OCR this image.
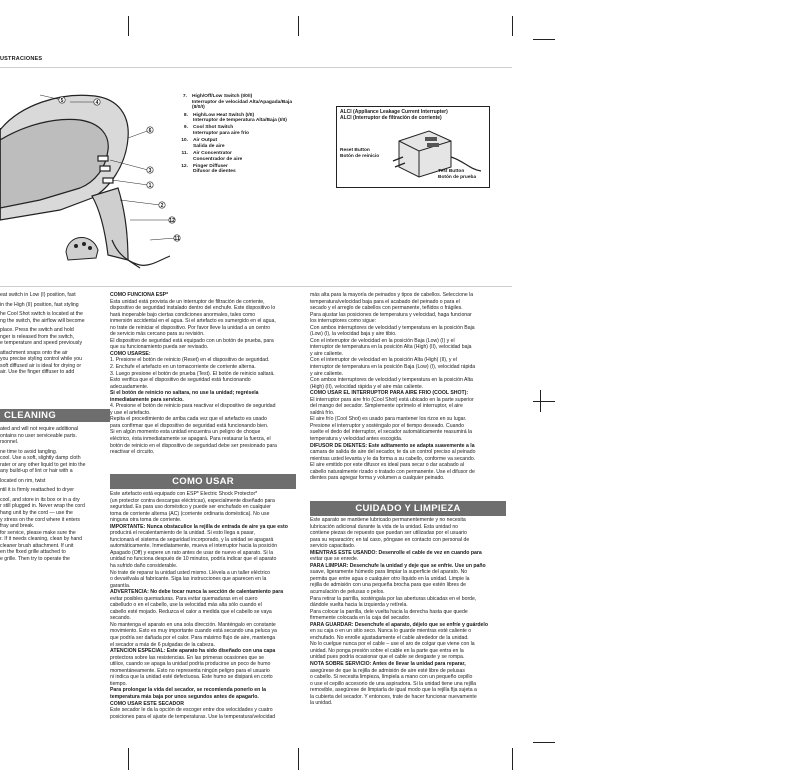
USTRACIONES
5	4
6
3
1
2
12
11
7.	High/Off/Low Switch (I/0/I)
Interruptor de velocidad Alta/Apagada/Baja (II/0/I)
8.	High/Low Heat Switch (I/II)
Interruptor de temperatura Alta/Baja (I/II)
9.	Cool Shot Switch
Interruptor para aire frío
10.	Air Output
Salida de aire
11.	Air Concentrator
Concentrador de aire
12.	Finger Diffuser
Difusor de dientes
ALCI (Appliance Leakage Current Interrupter)
ALCI (Interruptor de filtración de corriente)
Reset Button
Botón de reinicio
Test Button
Botón de prueba
eat switch in Low (I) position, fast
in the High (II) position, fast styling
he Cool Shot switch is located at the
ng the switch, the airflow will become
place. Press the switch and hold
nger is released from the switch,
e temperature and speed previously
attachment snaps onto the air
you precise styling control while you
soft diffused air is ideal for drying or
air. Use the finger diffuser to add
CLEANING
ated and will not require additional
ontains no user serviceable parts.
rsonnel.
ne time to avoid tangling.
cool. Use a soft, slightly damp cloth
rater or any other liquid to get into the
any build-up of lint or hair with a
located on rim, twist
ntil it is firmly reattached to dryer
cool, and store in its box or in a dry
r still plugged in. Never wrap the cord
hang unit by the cord — use the
y stress on the cord where it enters
fray and break.
for service, please make sure the
r. If it needs cleaning, clean by hand
cleaner brush attachment. If unit
en the fixed grille attached to
e grille. Then try to operate the
COMO FUNCIONA ESP*
Esta unidad está provista de un interruptor de filtración de corriente,
dispositivo de seguridad instalado dentro del enchufe. Este dispositivo lo
hará inoperable bajo ciertas condiciones anormales, tales como
inmersión accidental en el agua. Si el artefacto es sumergido en el agua,
no trate de reiniciar el dispositivo. Por favor lleve la unidad a un centro
de servicio más cercano para su revisión.
El dispositivo de seguridad está equipado con un botón de prueba, para
que su funcionamiento pueda ser revisado.
COMO USARSE:
1. Presione el botón de reinicio (Reset) en el dispositivo de seguridad.
2. Enchufe el artefacto en un tomacorriente de corriente alterna.
3. Luego presione el botón de prueba (Test). El botón de reinicio saltará.
Esto verifica que el dispositivo de seguridad está funcionando
adecuadamente.
Si el botón de reinicio no saltara, no use la unidad; regrésela
inmediatamente para servicio.
4. Presione el botón de reinicio para reactivar el dispositivo de seguridad
y use el artefacto.
Repita el procedimiento de arriba cada vez que el artefacto es usado
para confirmar que el dispositivo de seguridad está funcionando bien.
Si en algún momento esta unidad encuentra un peligro de choque
eléctrico, ésta inmediatamente se apagará. Para restaurar la fuerza, el
botón de reinicio en el dispositivo de seguridad debe ser presionado para
reactivar el circuito.
COMO USAR
Este artefacto está equipado con ESP* Electric Shock Protector*
(un protector contra descargas eléctricas), especialmente diseñado para
seguridad. Es para uso doméstico y puede ser enchufado en cualquier
toma de corriente alterna (AC) (corriente ordinaria doméstica). No use
ninguna otra toma de corriente.
IMPORTANTE: Nunca obstaculice la rejilla de entrada de aire ya que esto
producirá el recalentamiento de la unidad. Si esto llega a pasar,
funcionará el sistema de seguridad incorporado, y la unidad se apagará
automáticamente. Inmediatamente, mueva el interruptor hacia la posición
Apagado (Off) y espere un rato antes de usar de nuevo el aparato. Si la
unidad no funciona después de 10 minutos, podría indicar que el aparato
ha sufrido daño considerable.
No trate de reparar la unidad usted mismo. Llévela a un taller eléctrico
o devuélvala al fabricante. Siga las instrucciones que aparecen en la
garantía.
ADVERTENCIA: No debe tocar nunca la sección de calentamiento para
evitar posibles quemaduras. Para evitar quemaduras en el cuero
cabelludo o en el cabello, use la velocidad más alta sólo cuando el
cabello esté mojado. Reduzca el calor a medida que el cabello se vaya
secando.
No mantenga el aparato en una sola dirección. Manténgalo en constante
movimiento. Esto es muy importante cuando está secando una peluca ya
que podría ser dañada por el calor. Para máximo flujo de aire, mantenga
el secador a más de 6 pulgadas de la cabeza.
ATENCION ESPECIAL: Este aparato ha sido diseñado con una capa
protectora sobre las resistencias. En las primeras ocasiones que se
utilice, cuando se apaga la unidad podría producirse un poco de humo
momentáneamente. Esto no representa ningún peligro para el usuario
ni indica que la unidad esté defectuosa. Este humo se disipará en corto
tiempo.
Para prolongar la vida del secador, se recomienda ponerlo en la
temperatura más baja por unos segundos antes de apagarlo.
COMO USAR ESTE SECADOR
Este secador le da la opción de escoger entre dos velocidades y cuatro
posiciones para el ajuste de temperaturas. Use la temperatura/velocidad
más alta para la mayoría de peinados y tipos de cabellos. Seleccione la
temperatura/velocidad baja para el acabado del peinado o para el
secado y el arreglo de cabellos con permanente, teñidos o frágiles.
Para ajustar las posiciones de temperatura y velocidad, haga funcionar
los interruptores como sigue:
Con ambos interruptores de velocidad y temperatura en la posición Baja
(Low) (I), la velocidad baja y aire tibio.
Con el interruptor de velocidad en la posición Baja (Low) (I) y el
interruptor de temperatura en la posición Alta (High) (II), velocidad baja
y aire caliente.
Con el interruptor de velocidad en la posición Alta (High) (II), y el
interruptor de temperatura en la posición Baja (Low) (I), velocidad rápida
y aire caliente.
Con ambos interruptores de velocidad y temperatura en la posición Alta
(High) (II), velocidad rápida y el aire más caliente.
COMO USAR EL INTERRUPTOR PARA AIRE FRIO (COOL SHOT):
El interruptor para aire frío (Cool Shot) está ubicado en la parte superior
del mango del secador. Simplemente oprímelo el interruptor, el aire
saldrá frío.
El aire frío (Cool Shot) es usado para mantener los rizos en su lugar.
Presione el interruptor y sosténgalo por el tiempo deseado. Cuando
suelte el dedo del interruptor, el secador automáticamente reasumirá la
temperatura y velocidad antes escogida.
DIFUSOR DE DIENTES: Este aditamento se adapta suavemente a la
camara de salida de aire del secador, te da un control preciso al peinado
mientras usted levanta y le da forma a su cabello, conforme va secando.
El aire emitido por este difusor es ideal para secar o dar acabado al
cabello naturalmente rizado o tratado con permanente. Use el difusor de
dientes para agregar forma y volumen a cualquier peinado.
CUIDADO Y LIMPIEZA
Este aparato se mantiene lubricado permanentemente y no necesita
lubricación adicional durante la vida de la unidad. Esta unidad no
contiene piezas de repuesto que puedan ser utilizadas por el usuario
para su reparación; en tal caso, póngase en contacto con personal de
servicio capacitado.
MIENTRAS ESTE USANDO: Desenrolle el cable de vez en cuando para
evitar que se enrede.
PARA LIMPIAR: Desenchufe la unidad y deje que se enfríe. Use un paño
suave, ligeramente húmedo para limpiar la superficie del aparato. No
permita que entre agua o cualquier otro líquido en la unidad. Limpie la
rejilla de admisión con una pequeña brocha para que estén libres de
acumulación de pelusas o pelos.
Para retirar la parrilla, sosténgala por las aberturas ubicadas en el borde,
dándole vuelta hacia la izquierda y retírela.
Para colocar la parrilla, dele vuelta hacia la derecha hasta que quede
firmemente colocada en la caja del secador.
PARA GUARDAR: Desenchufe el aparato, déjelo que se enfríe y guárdelo
en su caja o en un sitio seco. Nunca lo guarde mientras esté caliente o
enchufado. No enrolle ajustadamente el cable alrededor de la unidad.
No lo cuelgue nunca por el cable – use el aro de colgar que viene con la
unidad. No ponga presión sobre el cable en la parte que entra en la
unidad pues podría ocasionar que el cable se desgaste y se rompa.
NOTA SOBRE SERVICIO: Antes de llevar la unidad para reparar,
asegúrese de que la rejilla de admisión de aire esté libre de pelusas
o cabello. Si necesita limpieza, límpiela a mano con un pequeño cepillo
o use el cepillo accesorio de una aspiradora. Si la unidad tiene una rejilla
removible, asegúrese de limpiarla de igual modo que la rejilla fija sujeta a
la cubierta del secador. Y entonces, trate de hacer funcionar nuevamente
la unidad.
